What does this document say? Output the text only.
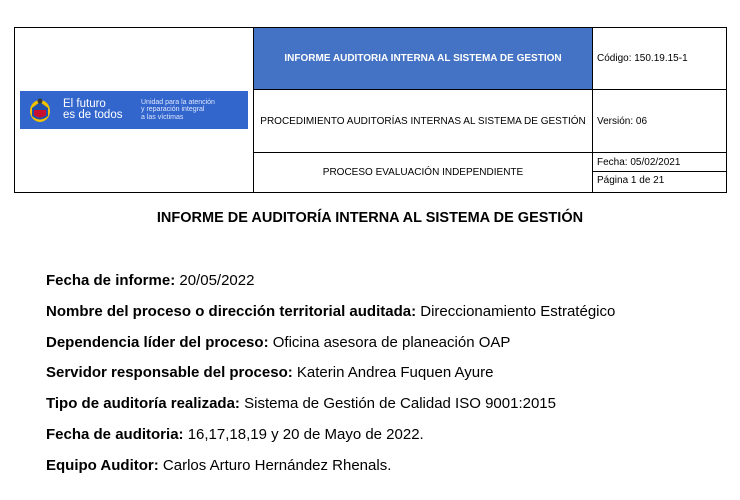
El futuro
es de todos
Unidad para la atención
y reparación integral
a las víctimas	INFORME AUDITORIA INTERNA AL SISTEMA DE GESTION	Código: 150.19.15-1
	PROCEDIMIENTO AUDITORÍAS INTERNAS AL SISTEMA DE GESTIÓN	Versión: 06
	PROCESO EVALUACIÓN INDEPENDIENTE	Fecha: 05/02/2021
Página 1 de 21
INFORME DE AUDITORÍA INTERNA AL SISTEMA DE GESTIÓN
Fecha de informe: 20/05/2022
Nombre del proceso o dirección territorial auditada: Direccionamiento Estratégico
Dependencia líder del proceso: Oficina asesora de planeación OAP
Servidor responsable del proceso: Katerin Andrea Fuquen Ayure
Tipo de auditoría realizada: Sistema de Gestión de Calidad ISO 9001:2015
Fecha de auditoria: 16,17,18,19 y 20 de Mayo de 2022.
Equipo Auditor: Carlos Arturo Hernández Rhenals.
